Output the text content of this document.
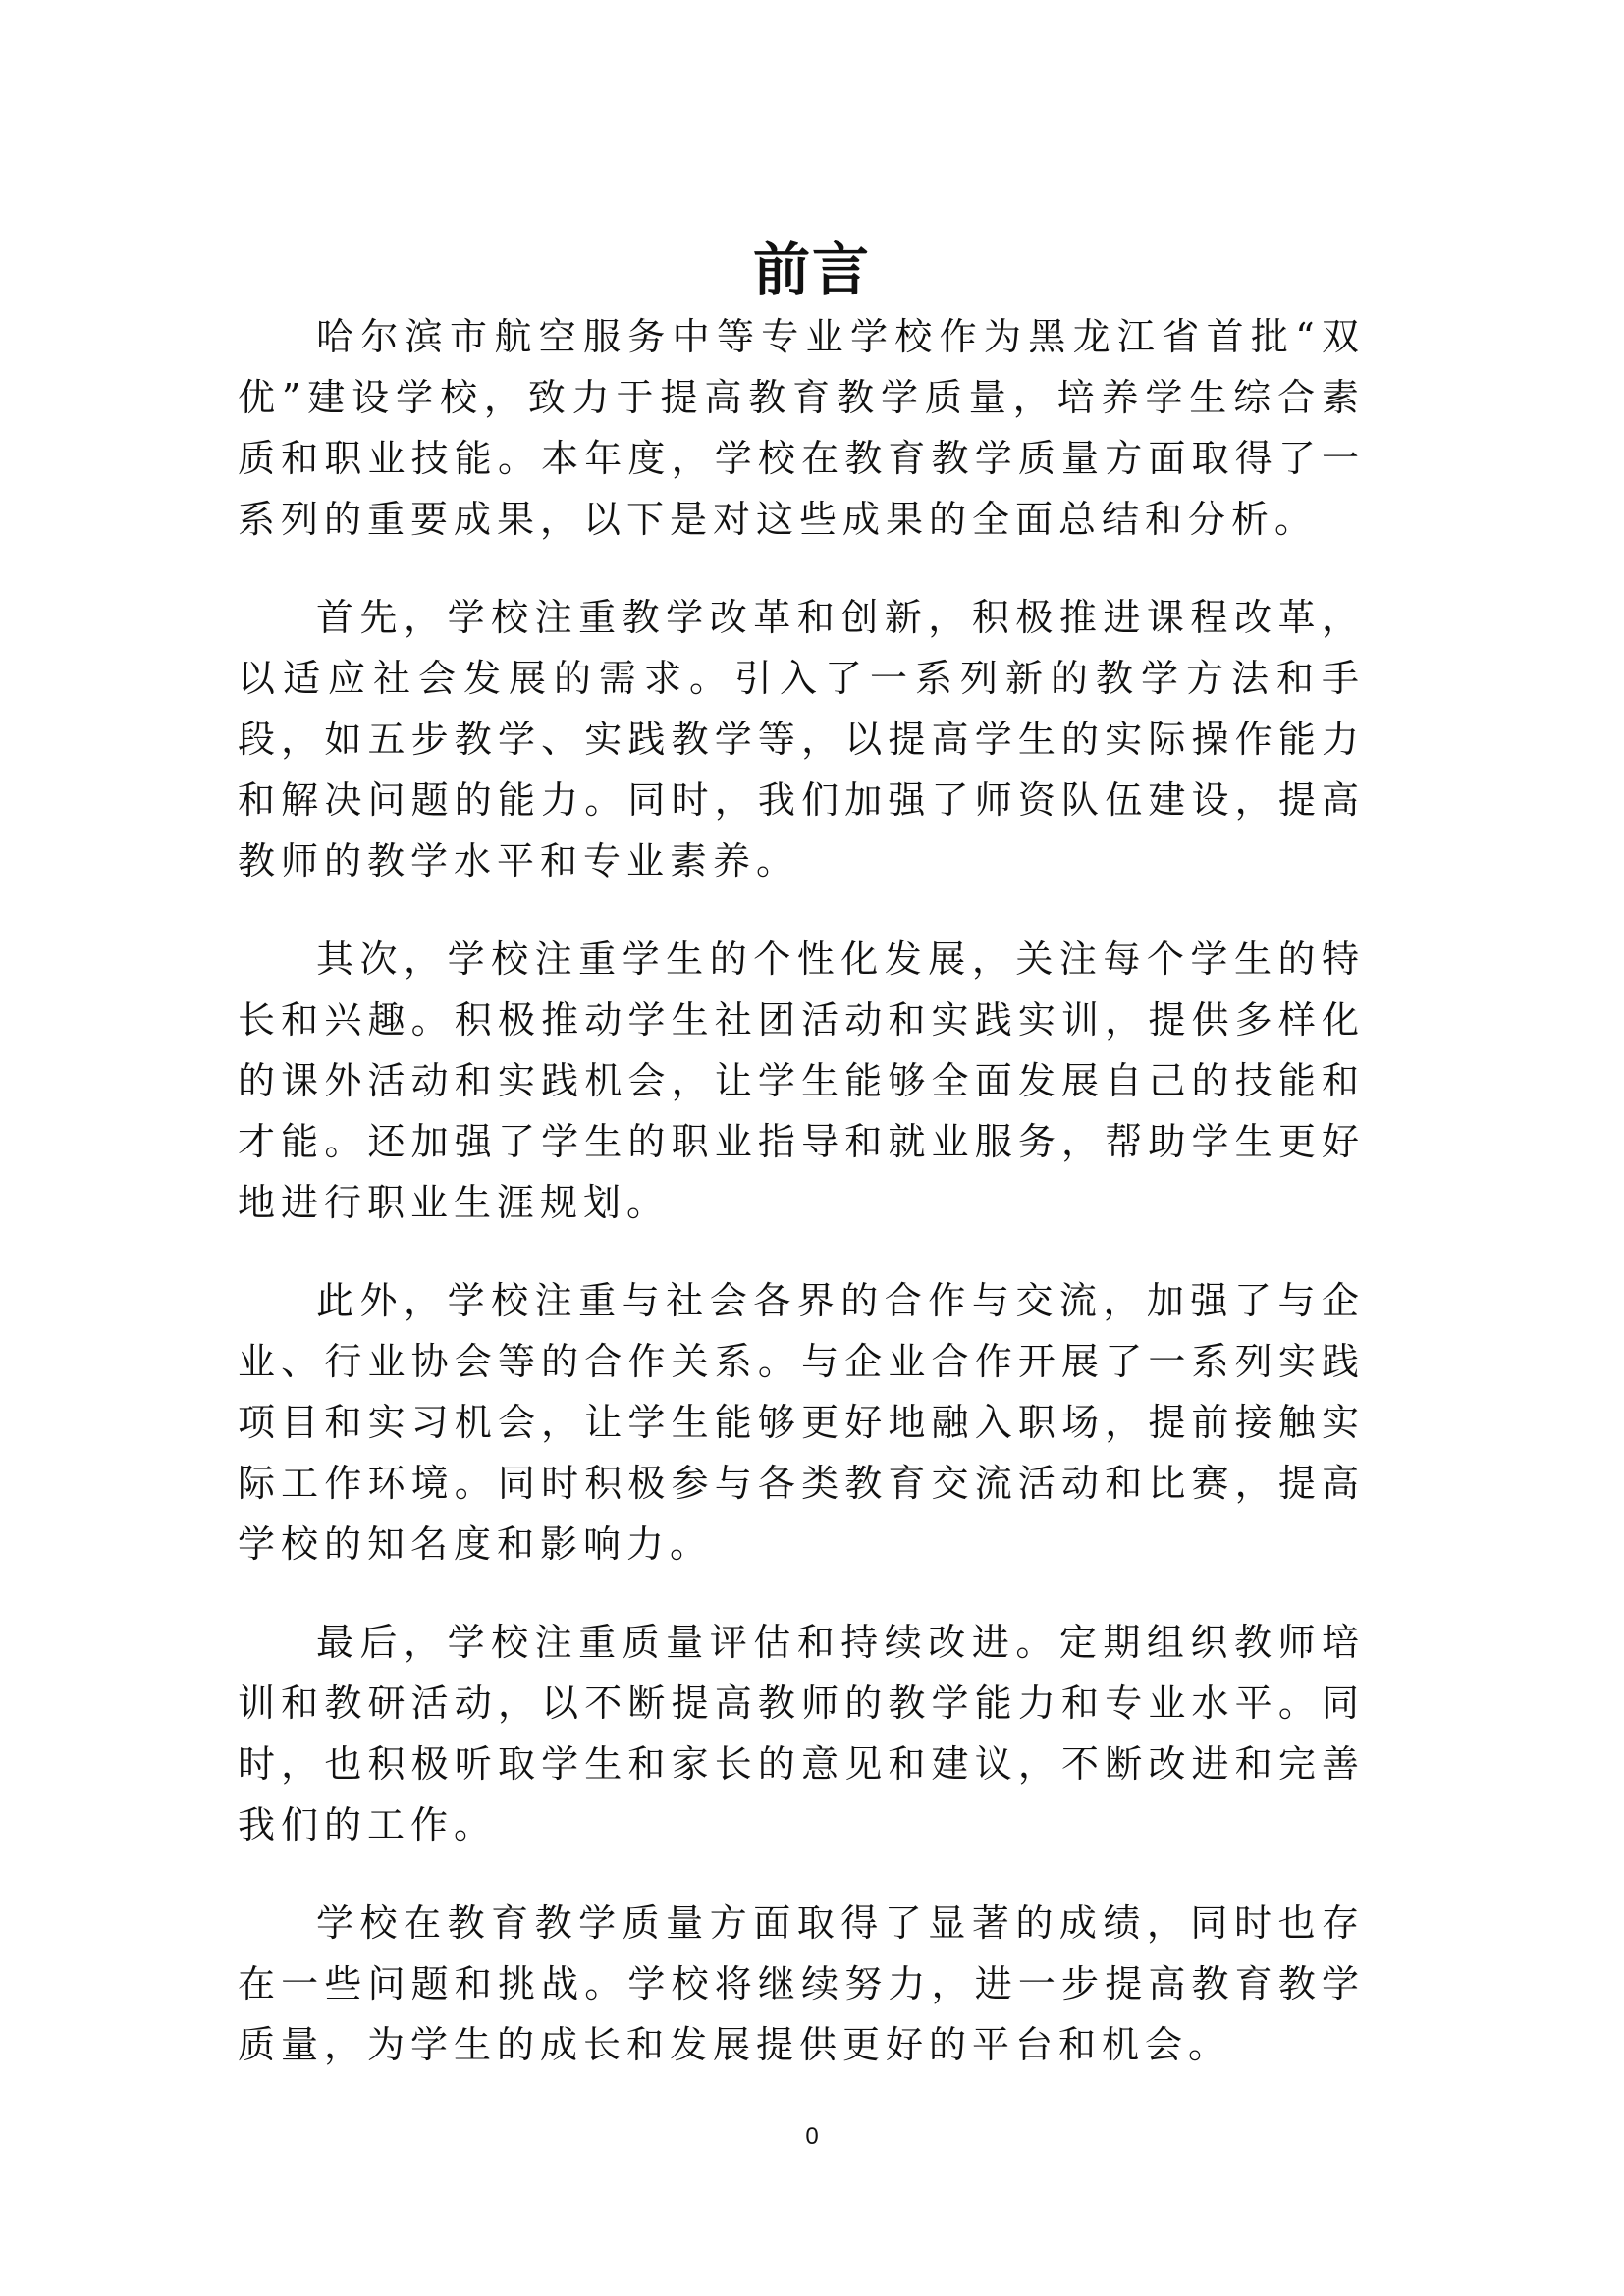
前言

哈尔滨市航空服务中等专业学校作为黑龙江省首批“双优”建设学校，致力于提高教育教学质量，培养学生综合素质和职业技能。本年度，学校在教育教学质量方面取得了一系列的重要成果，以下是对这些成果的全面总结和分析。

首先，学校注重教学改革和创新，积极推进课程改革，以适应社会发展的需求。引入了一系列新的教学方法和手段，如五步教学、实践教学等，以提高学生的实际操作能力和解决问题的能力。同时，我们加强了师资队伍建设，提高教师的教学水平和专业素养。

其次，学校注重学生的个性化发展，关注每个学生的特长和兴趣。积极推动学生社团活动和实践实训，提供多样化的课外活动和实践机会，让学生能够全面发展自己的技能和才能。还加强了学生的职业指导和就业服务，帮助学生更好地进行职业生涯规划。

此外，学校注重与社会各界的合作与交流，加强了与企业、行业协会等的合作关系。与企业合作开展了一系列实践项目和实习机会，让学生能够更好地融入职场，提前接触实际工作环境。同时积极参与各类教育交流活动和比赛，提高学校的知名度和影响力。

最后，学校注重质量评估和持续改进。定期组织教师培训和教研活动，以不断提高教师的教学能力和专业水平。同时，也积极听取学生和家长的意见和建议，不断改进和完善我们的工作。

学校在教育教学质量方面取得了显著的成绩，同时也存在一些问题和挑战。学校将继续努力，进一步提高教育教学质量，为学生的成长和发展提供更好的平台和机会。

0
